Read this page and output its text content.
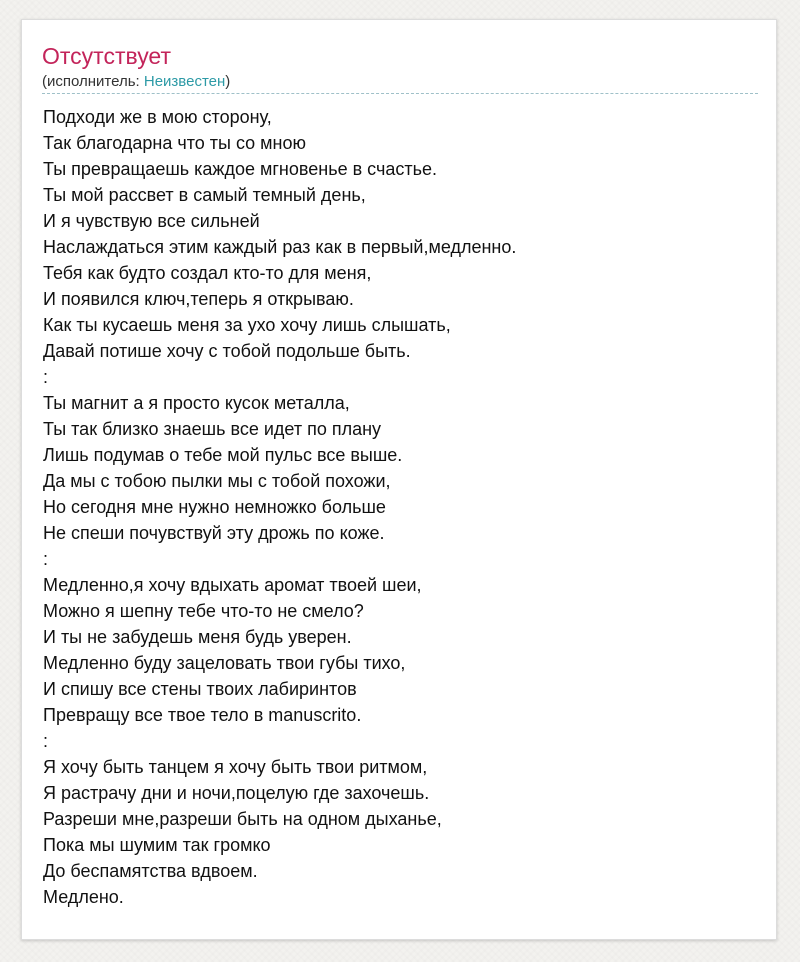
Отсутствует
(исполнитель: Неизвестен)
Подходи же в мою сторону,
Так благодарна что ты со мною
Ты превращаешь каждое мгновенье в счастье.
Ты мой рассвет в самый темный день,
И я чувствую все сильней
Наслаждаться этим каждый раз как в первый,медленно.
Тебя как будто создал кто-то для меня,
И появился ключ,теперь я открываю.
Как ты кусаешь меня за ухо хочу лишь слышать,
Давай потише хочу с тобой подольше быть.
:
Ты магнит а я просто кусок металла,
Ты так близко знаешь все идет по плану
Лишь подумав о тебе мой пульс все выше.
Да мы с тобою пылки мы с тобой похожи,
Но сегодня мне нужно немножко больше
Не спеши почувствуй эту дрожь по коже.
:
Медленно,я хочу вдыхать аромат твоей шеи,
Можно я шепну тебе что-то не смело?
И ты не забудешь меня будь уверен.
Медленно буду зацеловать твои губы тихо,
И спишу все стены твоих лабиринтов
Превращу все твое тело в manuscrito.
:
Я хочу быть танцем я хочу быть твои ритмом,
Я растрачу дни и ночи,поцелую где захочешь.
Разреши мне,разреши быть на одном дыханье,
Пока мы шумим так громко
До беспамятства вдвоем.
Медлено.
